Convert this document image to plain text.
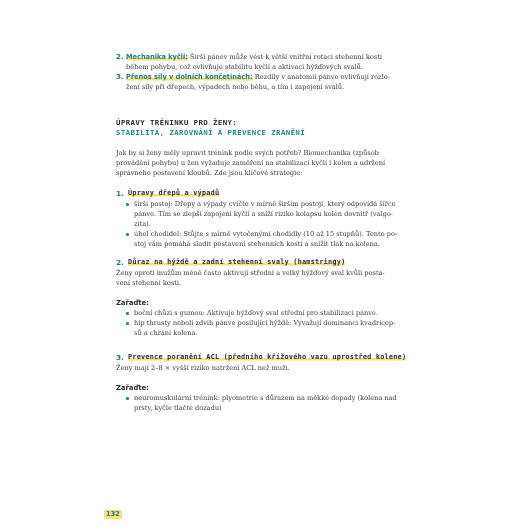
2. Mechanika kyčlí: Širší pánev může vést k větší vnitřní rotaci stehenní kosti
během pohybu, což ovlivňuje stabilitu kyčlí a aktivaci hýžďových svalů.
3. Přenos síly v dolních končetinách: Rozdíly v anatomii pánve ovlivňují rozlo-
žení síly při dřepech, výpadech nebo běhu, a tím i zapojení svalů.
ÚPRAVY TRÉNINKU PRO ŽENY:
STABILITA, ZAROVNÁNÍ A PREVENCE ZRANĚNÍ
Jak by si ženy měly upravit trénink podle svých potřeb? Biomechanika (způsob
provádění pohybu) u žen vyžaduje zaměření na stabilizaci kyčlí i kolen a udržení
správného postavení kloubů. Zde jsou klíčové strategie:
1. Úpravy dřepů a výpadů
širší postoj: Dřepy a výpady cvičte v mírně širším postoji, který odpovídá šířce
pánve. Tím se zlepší zapojení kyčlí a sníží riziko kolapsu kolen dovnitř (valgo-
zita).
úhel chodidel: Stůjte s mírně vytočenými chodidly (10 až 15 stupňů). Tento po-
stoj vám pomáhá sladit postavení stehenních kostí a snížit tlak na kolena.
2. Důraz na hýždě a zadní stehenní svaly (hamstringy)
Ženy oproti mužům méně často aktivují střední a velký hýžďový sval kvůli posta-
vení stehenní kosti.
Zařaďte:
boční chůzi s gumou: Aktivuje hýžďový sval střední pro stabilizaci pánve.
hip thrusty neboli zdvih pánve posilující hýždě: Vyvažují dominanci kvadricep-
sů a chrání kolena.
3. Prevence poranění ACL (předního křížového vazu uprostřed kolene)
Ženy mají 2–8 × vyšší riziko natržení ACL než muži.
Zařaďte:
neuromuskulární trénink: plyometrie s důrazem na měkké dopady (kolena nad
prsty, kyčle tlačte dozadu)
132
